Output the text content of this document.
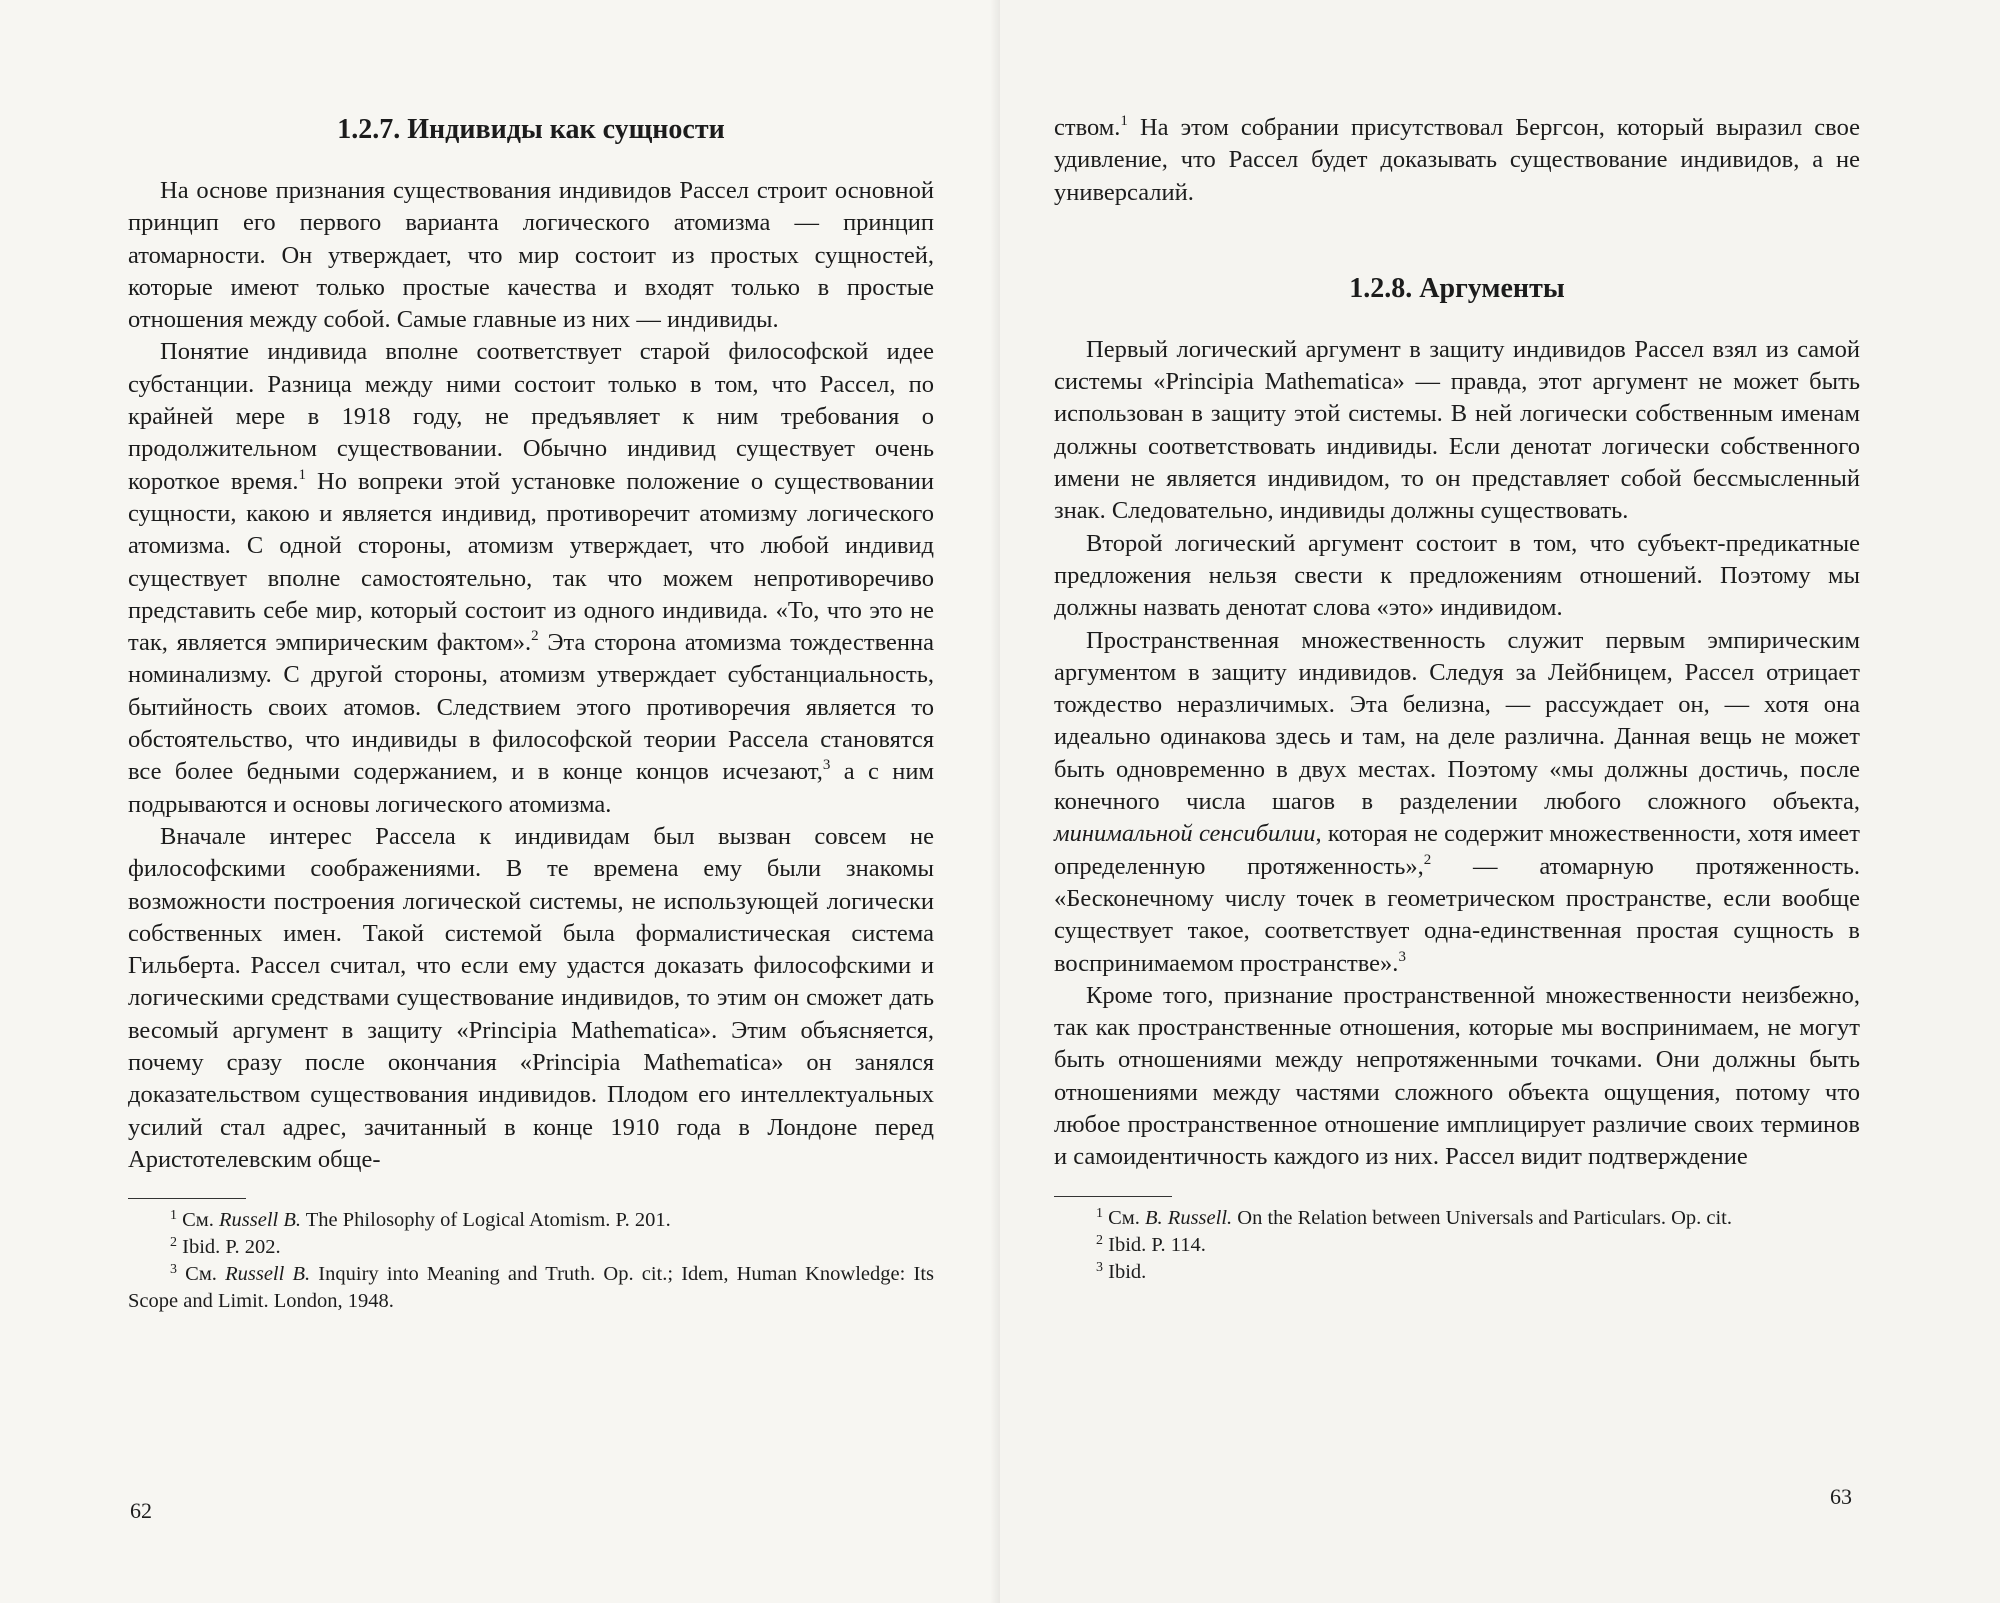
1.2.7. Индивиды как сущности

На основе признания существования индивидов Рассел строит основной принцип его первого варианта логического атомизма — принцип атомарности. Он утверждает, что мир состоит из простых сущностей, которые имеют только простые качества и входят только в простые отношения между собой. Самые главные из них — индивиды.

Понятие индивида вполне соответствует старой философской идее субстанции. Разница между ними состоит только в том, что Рассел, по крайней мере в 1918 году, не предъявляет к ним требования о продолжительном существовании. Обычно индивид существует очень короткое время.$^1$ Но вопреки этой установке положение о существовании сущности, какою и является индивид, противоречит атомизму логического атомизма. С одной стороны, атомизм утверждает, что любой индивид существует вполне самостоятельно, так что можем непротиворечиво представить себе мир, который состоит из одного индивида. «То, что это не так, является эмпирическим фактом».$^2$ Эта сторона атомизма тождественна номинализму. С другой стороны, атомизм утверждает субстанциальность, бытийность своих атомов. Следствием этого противоречия является то обстоятельство, что индивиды в философской теории Рассела становятся все более бедными содержанием, и в конце концов исчезают,$^3$ а с ним подрываются и основы логического атомизма.

Вначале интерес Рассела к индивидам был вызван совсем не философскими соображениями. В те времена ему были знакомы возможности построения логической системы, не использующей логически собственных имен. Такой системой была формалистическая система Гильберта. Рассел считал, что если ему удастся доказать философскими и логическими средствами существование индивидов, то этим он сможет дать весомый аргумент в защиту «Principia Mathematica». Этим объясняется, почему сразу после окончания «Principia Mathematica» он занялся доказательством существования индивидов. Плодом его интеллектуальных усилий стал адрес, зачитанный в конце 1910 года в Лондоне перед Аристотелевским обще-

$^1$ См. Russell B. The Philosophy of Logical Atomism. P. 201.

$^2$ Ibid. P. 202.

$^3$ См. Russell B. Inquiry into Meaning and Truth. Op. cit.; Idem, Human Knowledge: Its Scope and Limit. London, 1948.

62

ством.$^1$ На этом собрании присутствовал Бергсон, который выразил свое удивление, что Рассел будет доказывать существование индивидов, а не универсалий.

1.2.8. Аргументы

Первый логический аргумент в защиту индивидов Рассел взял из самой системы «Principia Mathematica» — правда, этот аргумент не может быть использован в защиту этой системы. В ней логически собственным именам должны соответствовать индивиды. Если денотат логически собственного имени не является индивидом, то он представляет собой бессмысленный знак. Следовательно, индивиды должны существовать.

Второй логический аргумент состоит в том, что субъект-предикатные предложения нельзя свести к предложениям отношений. Поэтому мы должны назвать денотат слова «это» индивидом.

Пространственная множественность служит первым эмпирическим аргументом в защиту индивидов. Следуя за Лейбницем, Рассел отрицает тождество неразличимых. Эта белизна, — рассуждает он, — хотя она идеально одинакова здесь и там, на деле различна. Данная вещь не может быть одновременно в двух местах. Поэтому «мы должны достичь, после конечного числа шагов в разделении любого сложного объекта, минимальной сенсибилии, которая не содержит множественности, хотя имеет определенную протяженность»,$^2$ — атомарную протяженность. «Бесконечному числу точек в геометрическом пространстве, если вообще существует такое, соответствует одна-единственная простая сущность в воспринимаемом пространстве».$^3$

Кроме того, признание пространственной множественности неизбежно, так как пространственные отношения, которые мы воспринимаем, не могут быть отношениями между непротяженными точками. Они должны быть отношениями между частями сложного объекта ощущения, потому что любое пространственное отношение имплицирует различие своих терминов и самоидентичность каждого из них. Рассел видит подтверждение

$^1$ См. B. Russell. On the Relation between Universals and Particulars. Op. cit.

$^2$ Ibid. P. 114.

$^3$ Ibid.

63
